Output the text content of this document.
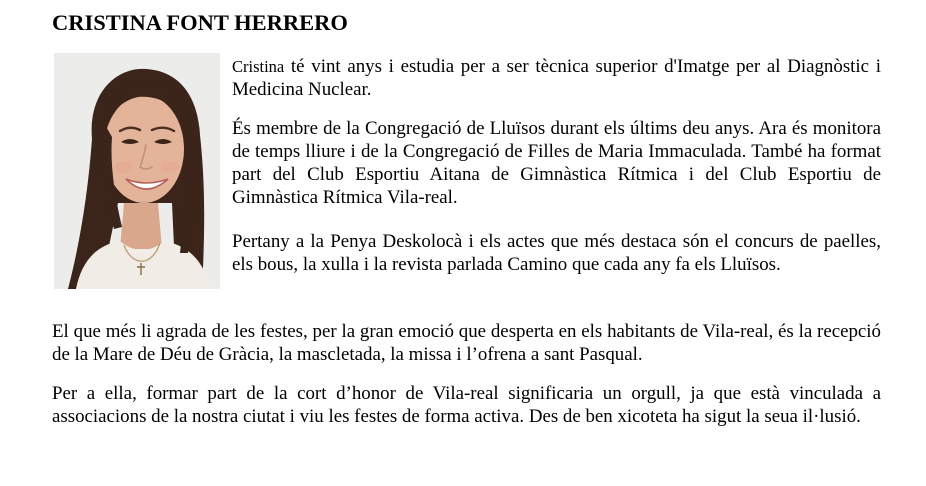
CRISTINA FONT HERRERO

Cristina té vint anys i estudia per a ser tècnica superior d'Imatge per al Diagnòstic i Medicina Nuclear.

És membre de la Congregació de Lluïsos durant els últims deu anys. Ara és monitora de temps lliure i de la Congregació de Filles de Maria Immaculada. També ha format part del Club Esportiu Aitana de Gimnàstica Rítmica i del Club Esportiu de Gimnàstica Rítmica Vila-real.

Pertany a la Penya Deskolocà i els actes que més destaca són el concurs de paelles, els bous, la xulla i la revista parlada Camino que cada any fa els Lluïsos.

El que més li agrada de les festes, per la gran emoció que desperta en els habitants de Vila-real, és la recepció de la Mare de Déu de Gràcia, la mascletada, la missa i l’ofrena a sant Pasqual.

Per a ella, formar part de la cort d’honor de Vila-real significaria un orgull, ja que està vinculada a associacions de la nostra ciutat i viu les festes de forma activa. Des de ben xicoteta ha sigut la seua il·lusió.
